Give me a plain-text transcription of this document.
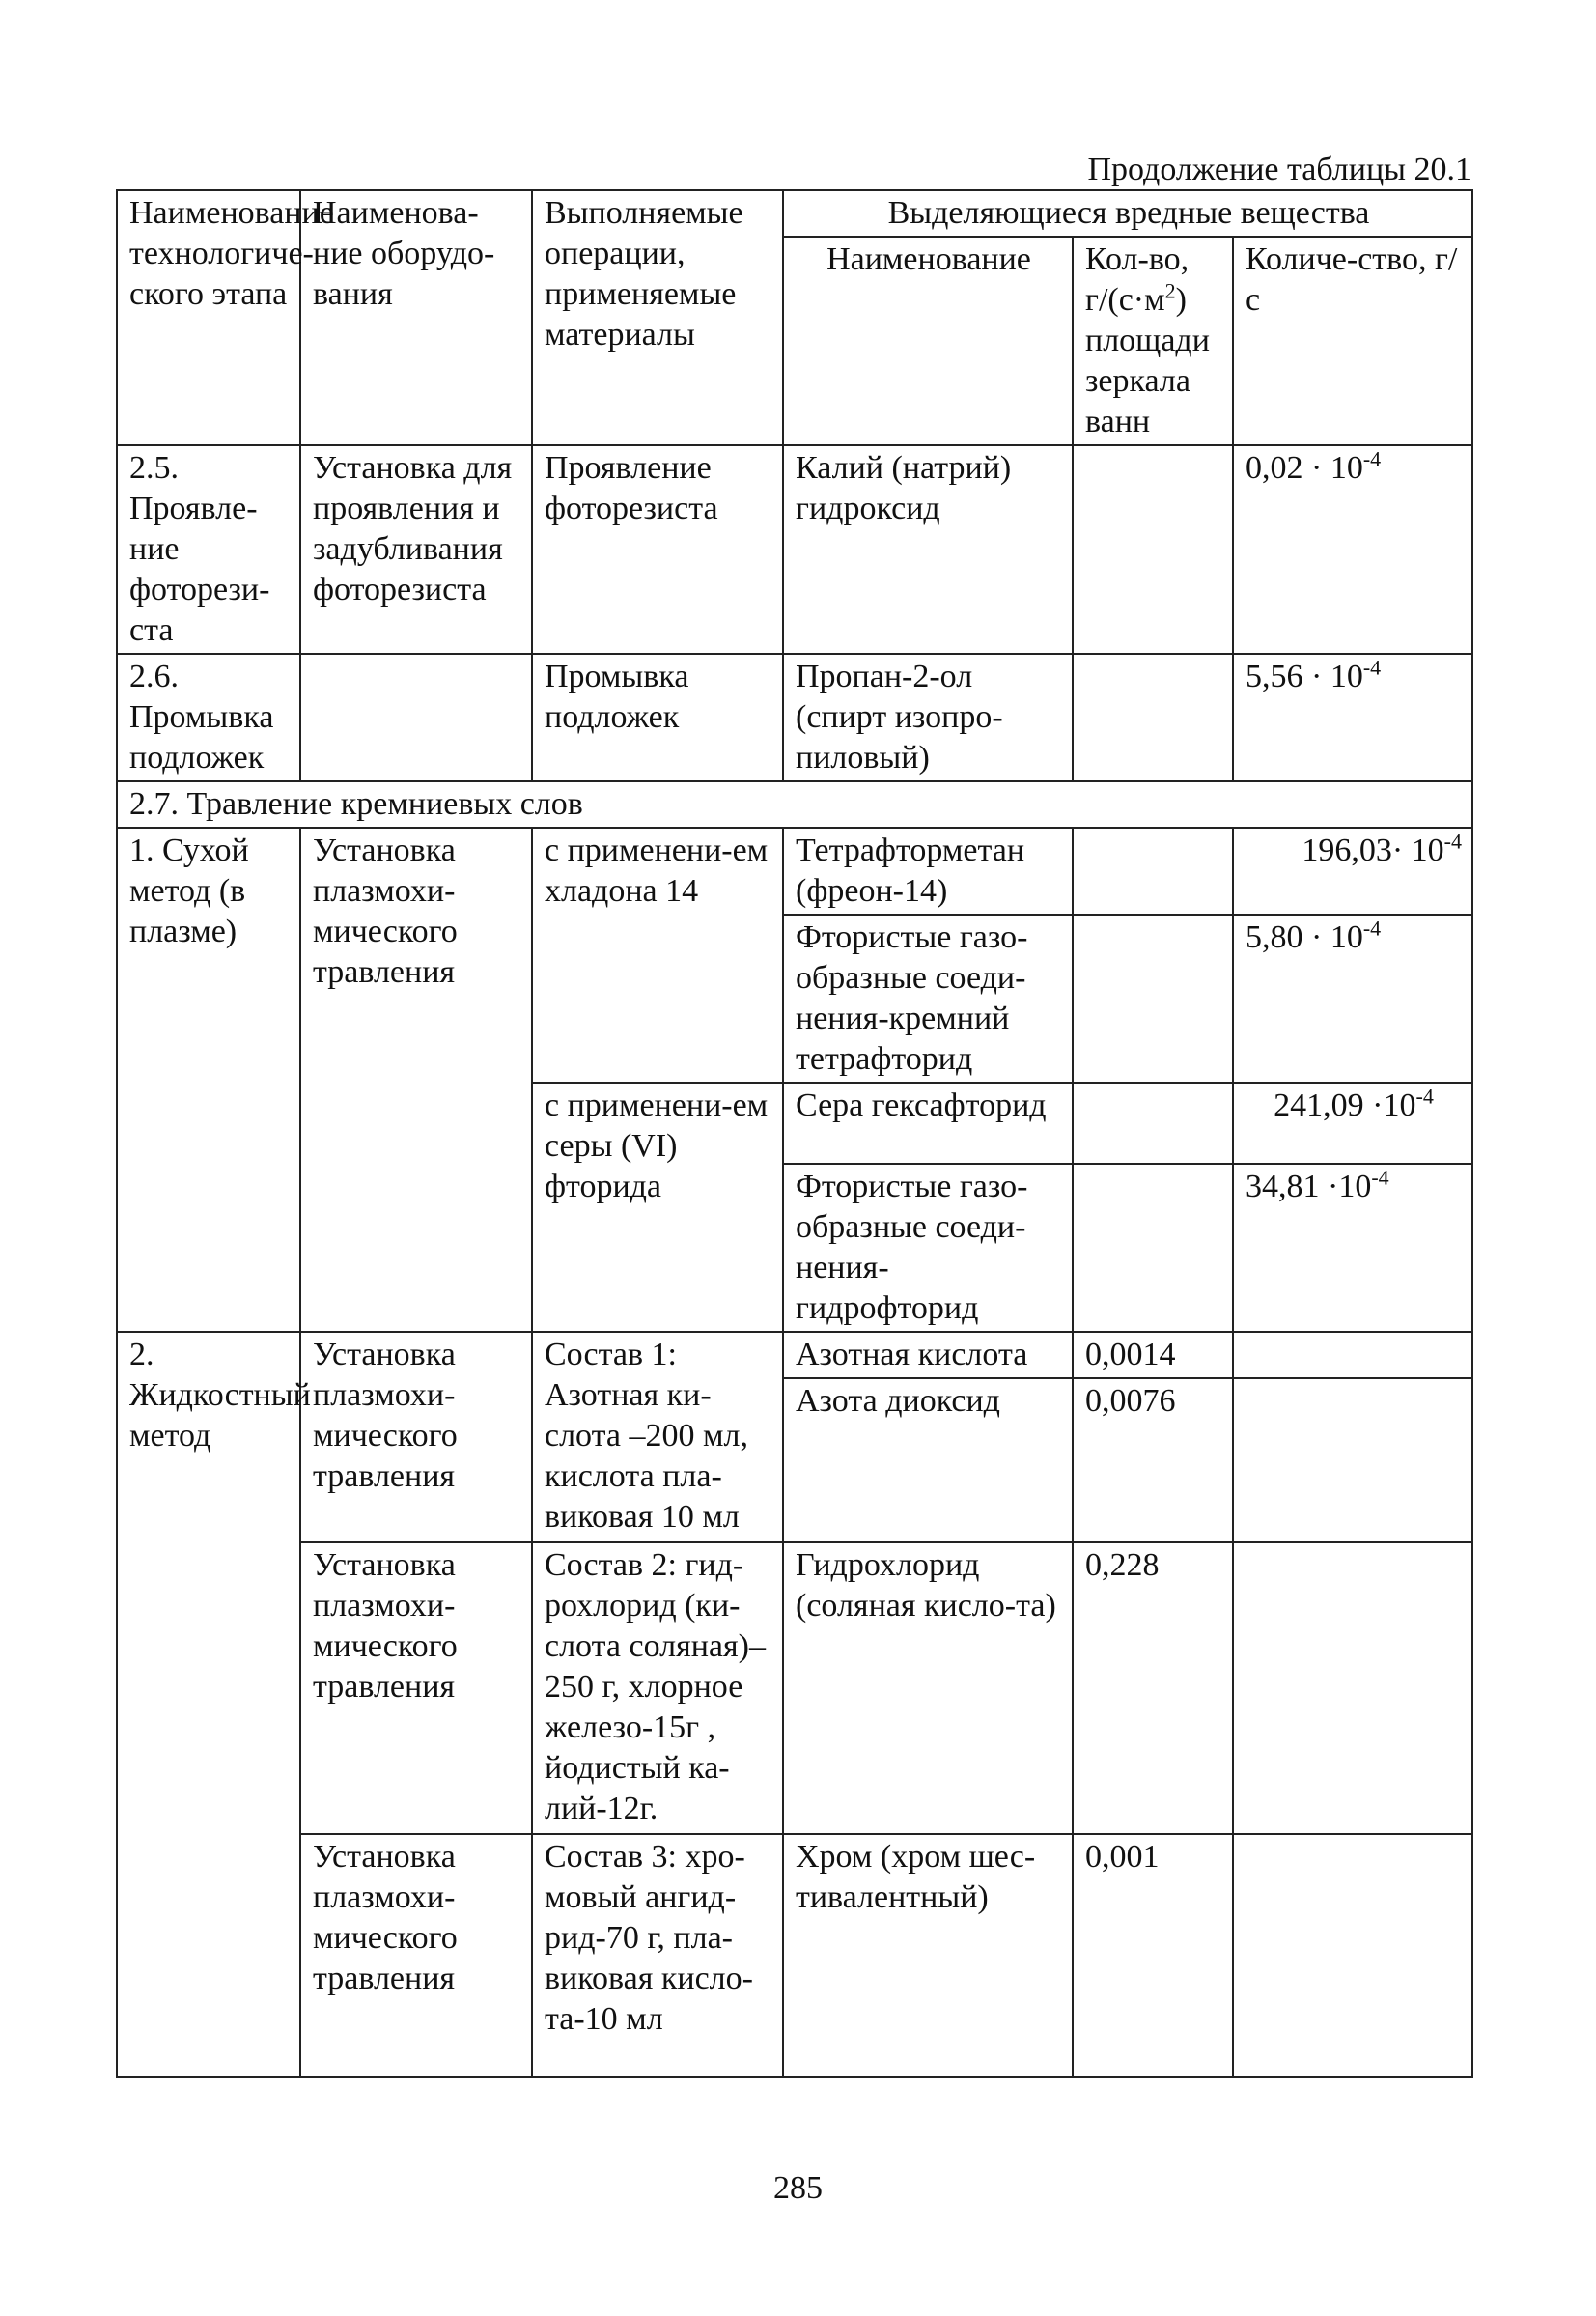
Продолжение таблицы 20.1
Наименование технологиче-ского этапа	Наименова-ние оборудо-вания	Выполняемые операции, применяемые материалы	Выделяющиеся вредные вещества		
			Наименование	Кол-во, $г/(с\cdot м^2)$ площади зеркала ванн	Количе-ство, г/с
2.5. Проявле-ние фоторези-ста	Установка для проявления и задубливания фоторезиста	Проявление фоторезиста	Калий (натрий) гидроксид		$0,02 \cdot 10^{-4}$
2.6. Промывка подложек		Промывка подложек	Пропан-2-ол (спирт изопро-пиловый)		$5,56 \cdot 10^{-4}$
2.7. Травление кремниевых слов					
1. Сухой метод (в плазме)	Установка плазмохи-мического травления	с применени-ем хладона 14	Тетрафторметан (фреон-14)		$196,03\cdot 10^{-4}$
			Фтористые газо-образные соеди-нения-кремний тетрафторид		$5,80 \cdot 10^{-4}$
		с применени-ем серы (VI) фторида	Сера гексафторид		$241,09 \cdot 10^{-4}$
			Фтористые газо-образные соеди-нения-гидрофторид		$34,81 \cdot 10^{-4}$
2. Жидкостный метод	Установка плазмохи-мического травления	Состав 1: Азотная ки-слота –200 мл, кислота пла-виковая 10 мл	Азотная кислота	0,0014	
			Азота диоксид	0,0076	
	Установка плазмохи-мического травления	Состав 2: гид-рохлорид (ки-слота соляная)– 250 г, хлорное железо-15г , йодистый ка-лий-12г.	Гидрохлорид (соляная кисло-та)	0,228	
	Установка плазмохи-мического травления	Состав 3: хро-мовый ангид-рид-70 г, пла-виковая кисло-та-10 мл	Хром (хром шес-тивалентный)	0,001	
285
